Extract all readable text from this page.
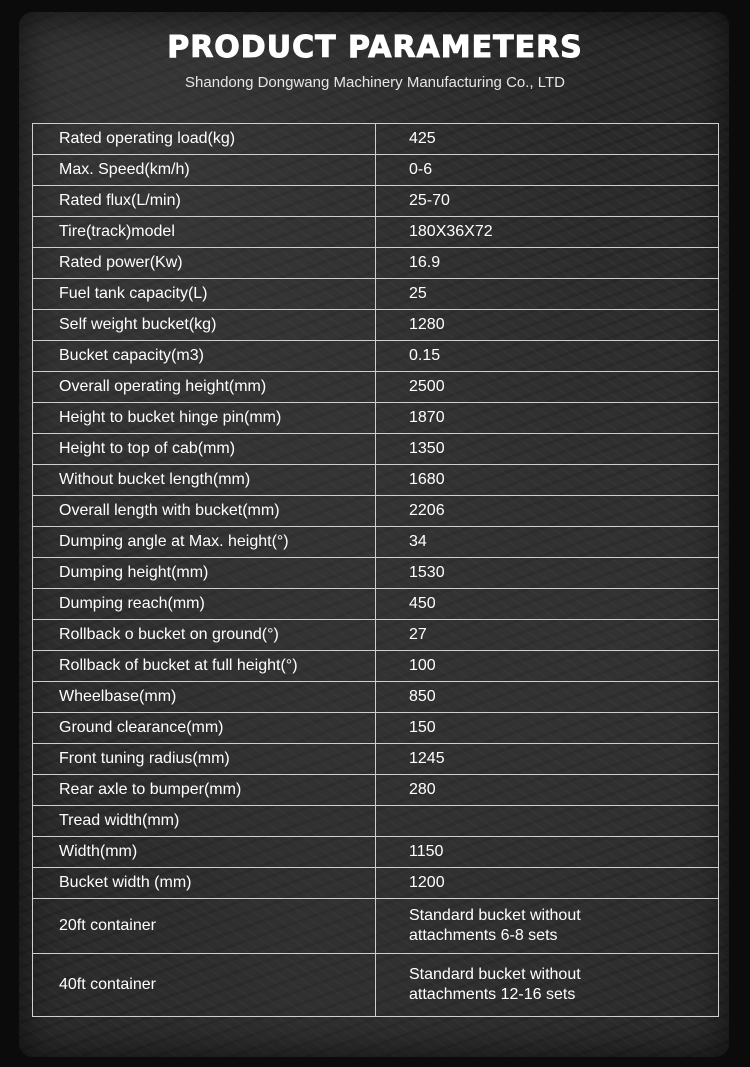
PRODUCT PARAMETERS
Shandong Dongwang Machinery Manufacturing Co., LTD
Rated operating load(kg)	425
Max. Speed(km/h)	0-6
Rated flux(L/min)	25-70
Tire(track)model	180X36X72
Rated power(Kw)	16.9
Fuel tank capacity(L)	25
Self weight bucket(kg)	1280
Bucket capacity(m3)	0.15
Overall operating height(mm)	2500
Height to bucket hinge pin(mm)	1870
Height to top of cab(mm)	1350
Without bucket length(mm)	1680
Overall length with bucket(mm)	2206
Dumping angle at Max. height(°)	34
Dumping height(mm)	1530
Dumping reach(mm)	450
Rollback o bucket on ground(°)	27
Rollback of bucket at full height(°)	100
Wheelbase(mm)	850
Ground clearance(mm)	150
Front tuning radius(mm)	1245
Rear axle to bumper(mm)	280
Tread width(mm)	
Width(mm)	1150
Bucket width (mm)	1200
20ft container	Standard bucket without
attachments 6-8 sets

40ft container	Standard bucket without
attachments 12-16 sets
